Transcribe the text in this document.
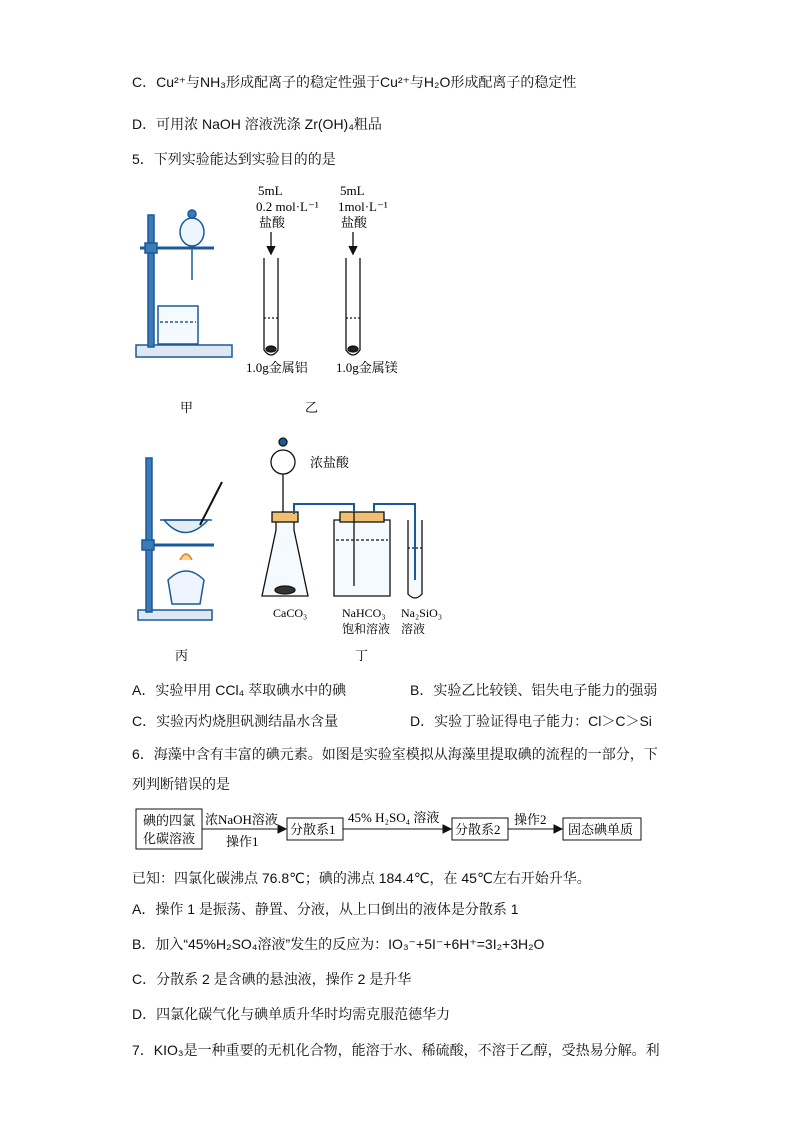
C．Cu²⁺与NH₃形成配离子的稳定性强于Cu²⁺与H₂O形成配离子的稳定性
D．可用浓 NaOH 溶液洗涤 Zr(OH)₄粗品
5．下列实验能达到实验目的的是
甲
5mL
0.2 mol·L⁻¹
盐酸
1.0g金属铝
5mL
1mol·L⁻¹
盐酸
1.0g金属镁
乙
丙
浓盐酸
CaCO₃	NaHCO₃
饱和溶液
Na₂SiO₃
溶液
丁
碘的四氯
化碳溶液
浓NaOH溶液
操作1
分散系1
45% H₂SO₄ 溶液
分散系2
操作2
固态碘单质
A．实验甲用 CCl₄ 萃取碘水中的碘	B．实验乙比较镁、铝失电子能力的强弱
C．实验丙灼烧胆矾测结晶水含量	D．实验丁验证得电子能力：Cl＞C＞Si
6．海藻中含有丰富的碘元素。如图是实验室模拟从海藻里提取碘的流程的一部分，下
列判断错误的是
已知：四氯化碳沸点 76.8℃；碘的沸点 184.4℃，在 45℃左右开始升华。
A．操作 1 是振荡、静置、分液，从上口倒出的液体是分散系 1
B．加入“45%H₂SO₄溶液”发生的反应为：IO₃⁻+5I⁻+6H⁺=3I₂+3H₂O
C．分散系 2 是含碘的悬浊液，操作 2 是升华
D．四氯化碳气化与碘单质升华时均需克服范德华力
7．KIO₃是一种重要的无机化合物，能溶于水、稀硫酸，不溶于乙醇，受热易分解。利
